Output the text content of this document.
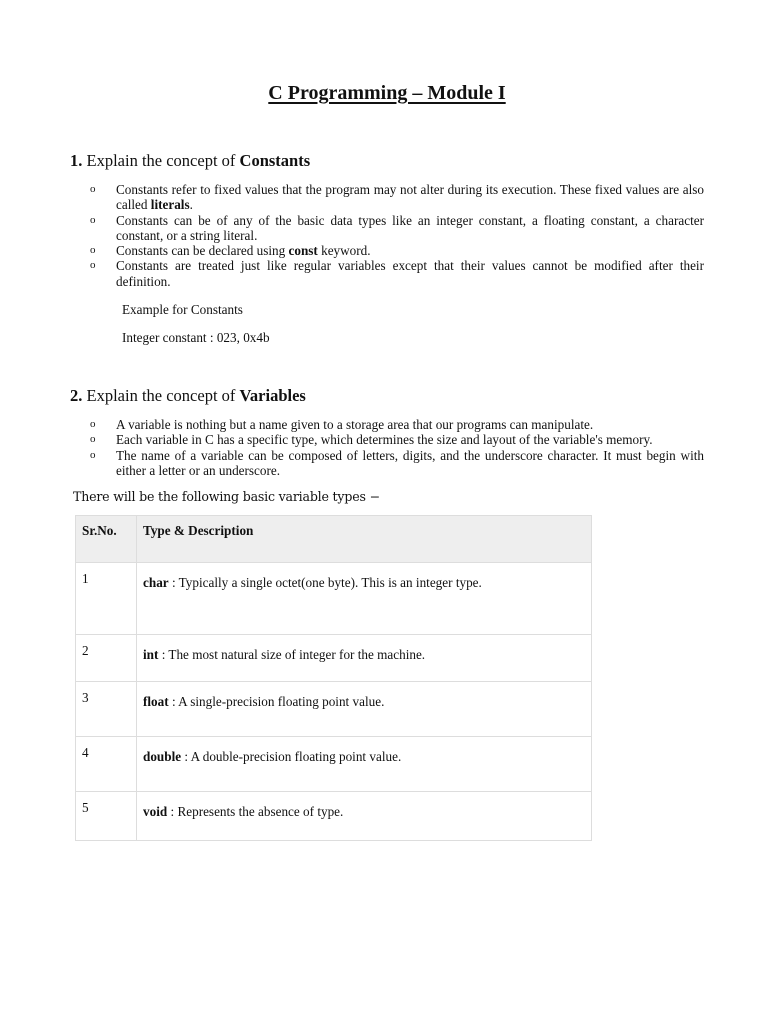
C Programming – Module I

1. Explain the concept of Constants

o Constants refer to fixed values that the program may not alter during its execution. These fixed values are also called literals.
o Constants can be of any of the basic data types like an integer constant, a floating constant, a character constant, or a string literal.
o Constants can be declared using const keyword.
o Constants are treated just like regular variables except that their values cannot be modified after their definition.

Example for Constants

Integer constant : 023, 0x4b

2. Explain the concept of Variables

o A variable is nothing but a name given to a storage area that our programs can manipulate.
o Each variable in C has a specific type, which determines the size and layout of the variable's memory.
o The name of a variable can be composed of letters, digits, and the underscore character. It must begin with either a letter or an underscore.

There will be the following basic variable types −

Sr.No.	Type & Description
1	char : Typically a single octet(one byte). This is an integer type.
2	int : The most natural size of integer for the machine.
3	float : A single-precision floating point value.
4	double : A double-precision floating point value.
5	void : Represents the absence of type.
